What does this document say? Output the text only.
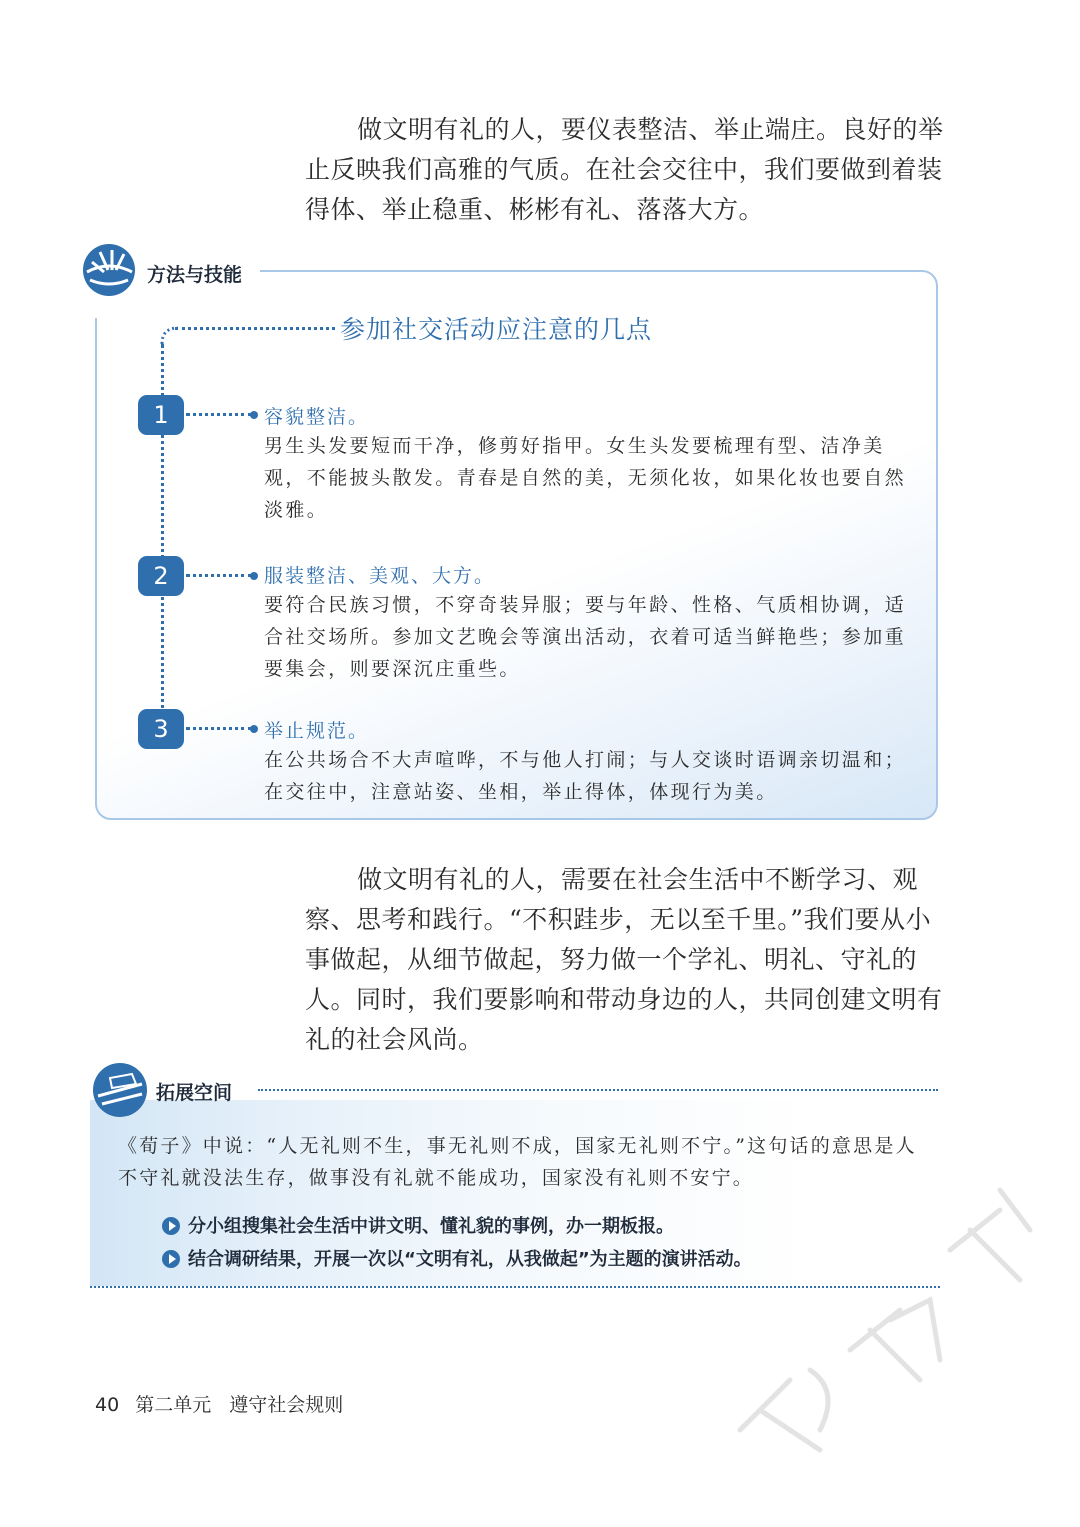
做文明有礼的人，要仪表整洁、举止端庄。良好的举止反映我们高雅的气质。在社会交往中，我们要做到着装得体、举止稳重、彬彬有礼、落落大方。

方法与技能
参加社交活动应注意的几点
1	容貌整洁。

男生头发要短而干净，修剪好指甲。女生头发要梳理有型、洁净美观，不能披头散发。青春是自然的美，无须化妆，如果化妆也要自然淡雅。

2	服装整洁、美观、大方。

要符合民族习惯，不穿奇装异服；要与年龄、性格、气质相协调，适合社交场所。参加文艺晚会等演出活动，衣着可适当鲜艳些；参加重要集会，则要深沉庄重些。

3	举止规范。

在公共场合不大声喧哗，不与他人打闹；与人交谈时语调亲切温和；在交往中，注意站姿、坐相，举止得体，体现行为美。

做文明有礼的人，需要在社会生活中不断学习、观察、思考和践行。“不积跬步，无以至千里。”我们要从小事做起，从细节做起，努力做一个学礼、明礼、守礼的人。同时，我们要影响和带动身边的人，共同创建文明有礼的社会风尚。

拓展空间

《荀子》中说：“人无礼则不生，事无礼则不成，国家无礼则不宁。”这句话的意思是人不守礼就没法生存，做事没有礼就不能成功，国家没有礼则不安宁。

分小组搜集社会生活中讲文明、懂礼貌的事例，办一期板报。
结合调研结果，开展一次以“文明有礼，从我做起”为主题的演讲活动。
40 第二单元 遵守社会规则
